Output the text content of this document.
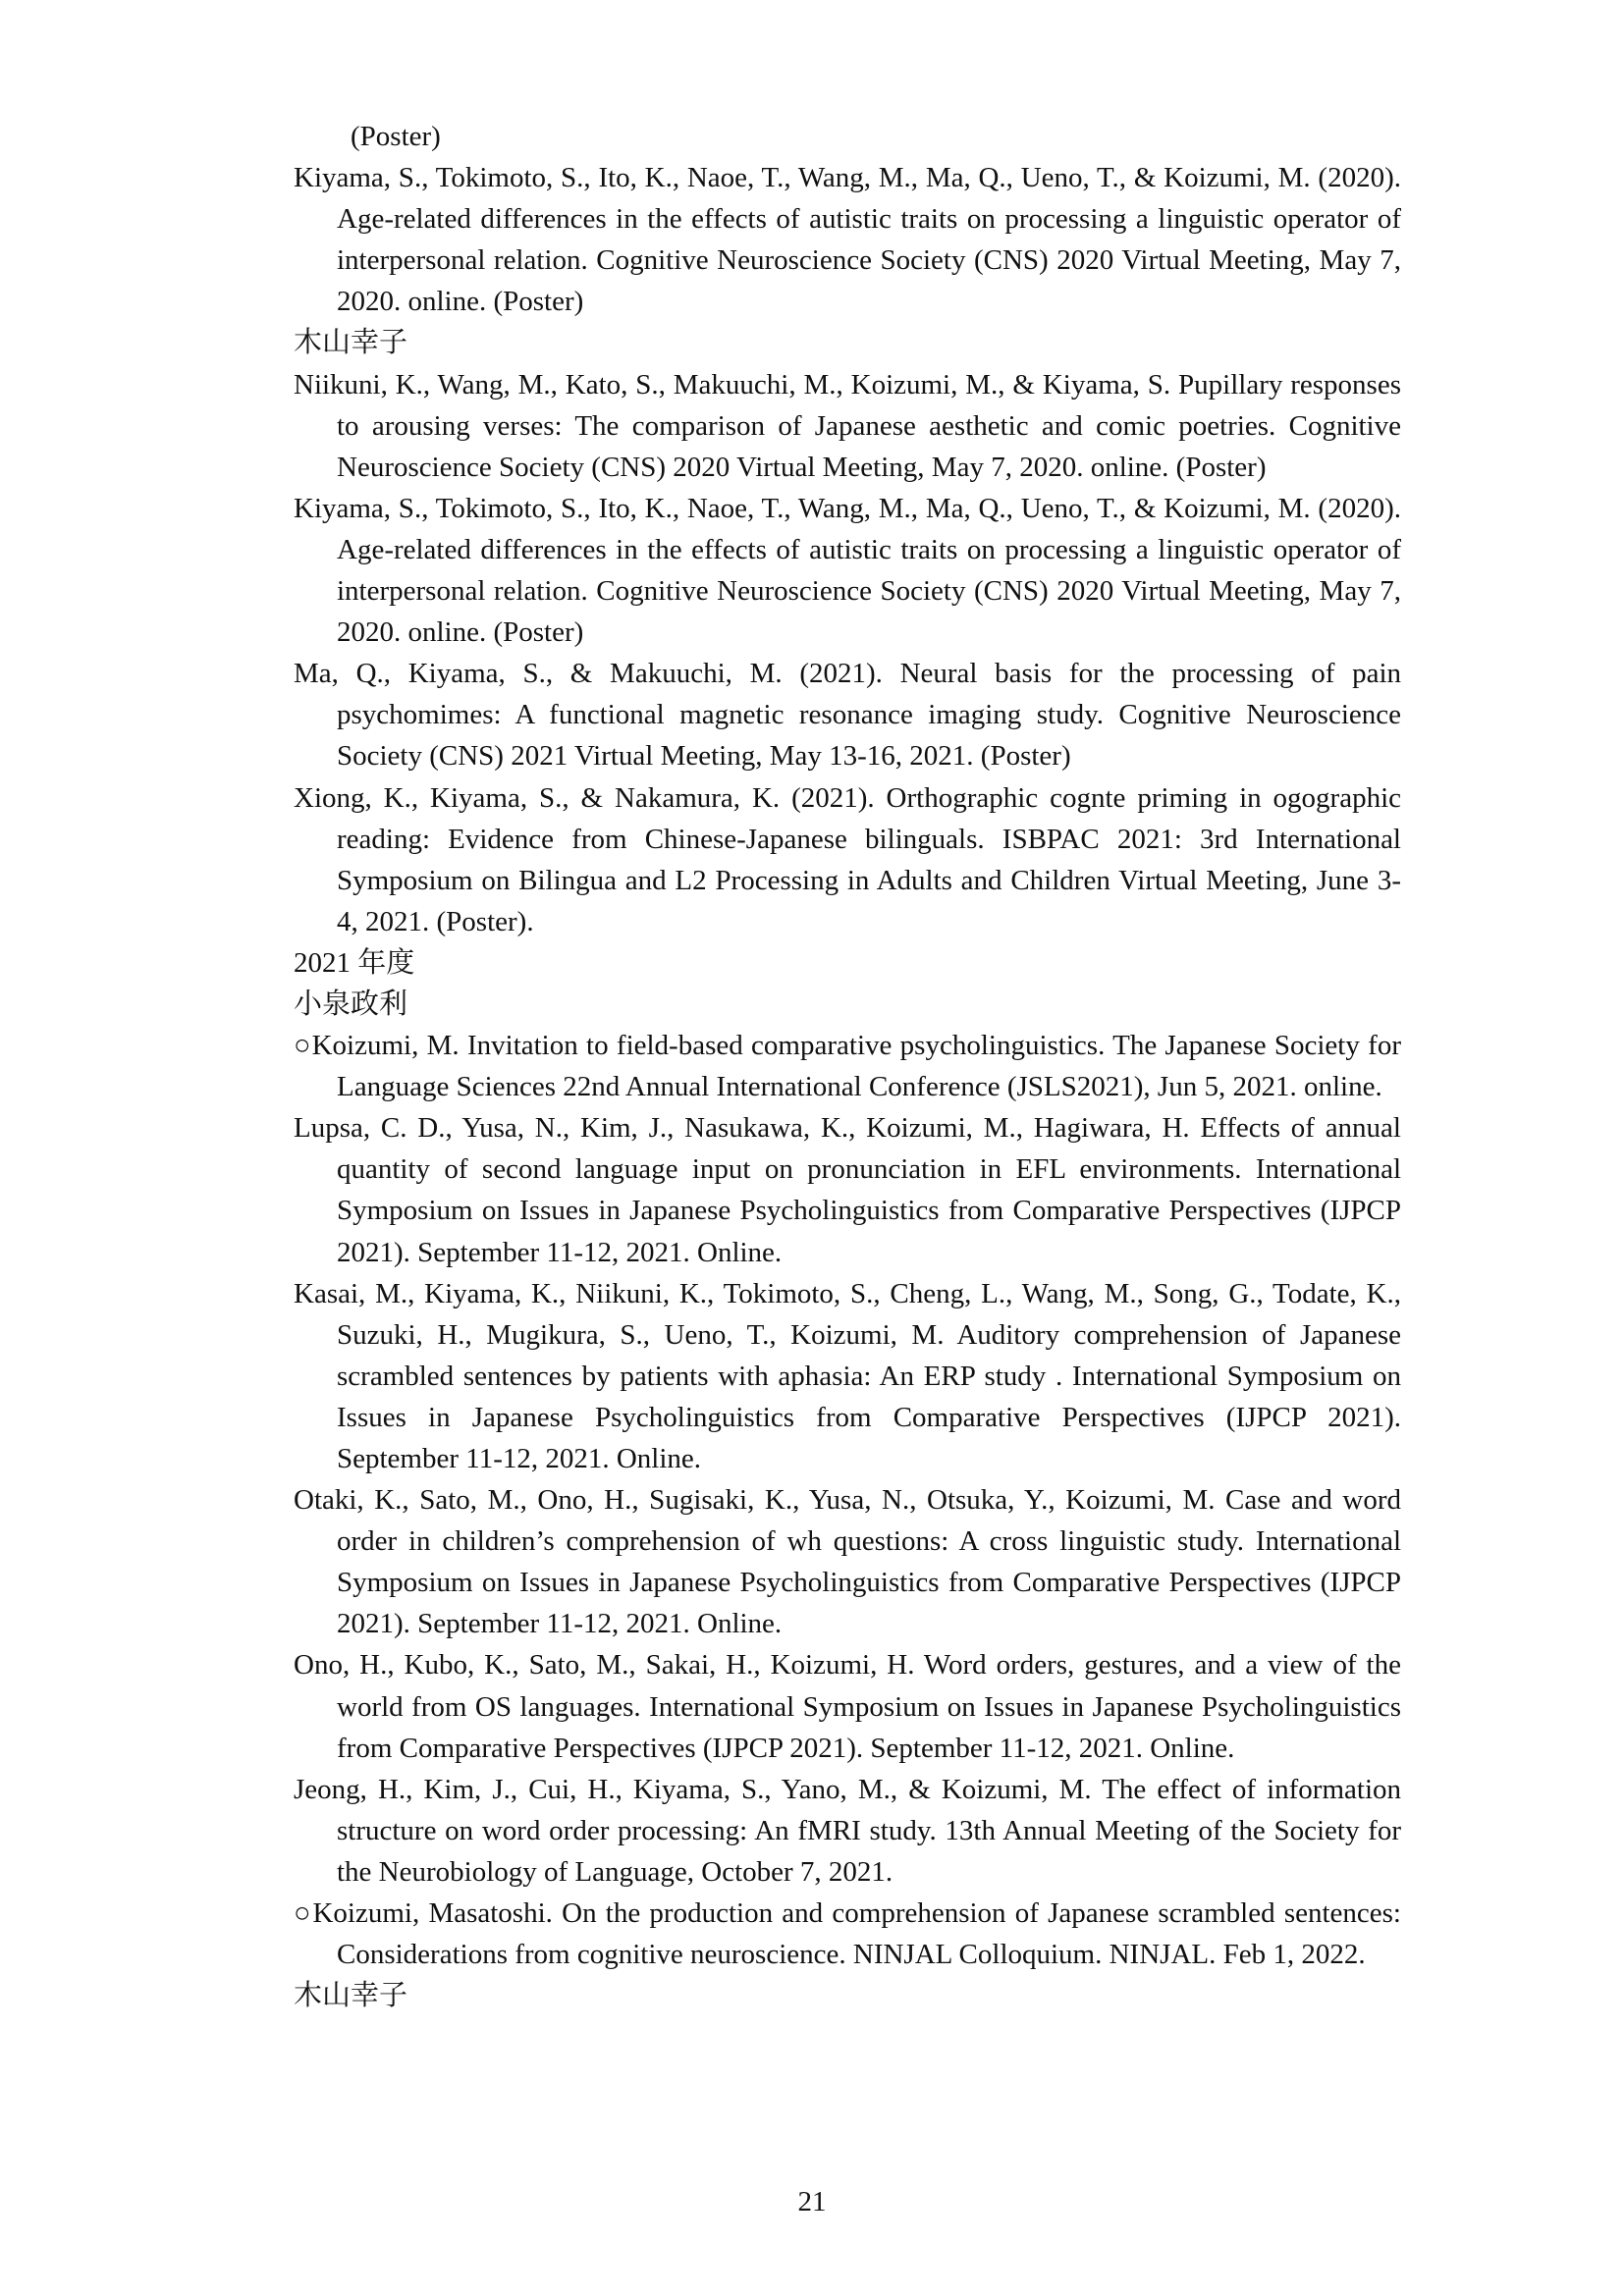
(Poster)

Kiyama, S., Tokimoto, S., Ito, K., Naoe, T., Wang, M., Ma, Q., Ueno, T., & Koizumi, M. (2020). Age-related differences in the effects of autistic traits on processing a linguistic operator of interpersonal relation. Cognitive Neuroscience Society (CNS) 2020 Virtual Meeting, May 7, 2020. online. (Poster)

木山幸子

Niikuni, K., Wang, M., Kato, S., Makuuchi, M., Koizumi, M., & Kiyama, S. Pupillary responses to arousing verses: The comparison of Japanese aesthetic and comic poetries. Cognitive Neuroscience Society (CNS) 2020 Virtual Meeting, May 7, 2020. online. (Poster)

Kiyama, S., Tokimoto, S., Ito, K., Naoe, T., Wang, M., Ma, Q., Ueno, T., & Koizumi, M. (2020). Age-related differences in the effects of autistic traits on processing a linguistic operator of interpersonal relation. Cognitive Neuroscience Society (CNS) 2020 Virtual Meeting, May 7, 2020. online. (Poster)

Ma, Q., Kiyama, S., & Makuuchi, M. (2021). Neural basis for the processing of pain psychomimes: A functional magnetic resonance imaging study. Cognitive Neuroscience Society (CNS) 2021 Virtual Meeting, May 13-16, 2021. (Poster)

Xiong, K., Kiyama, S., & Nakamura, K. (2021). Orthographic cognte priming in ogographic reading: Evidence from Chinese-Japanese bilinguals. ISBPAC 2021: 3rd International Symposium on Bilingua and L2 Processing in Adults and Children Virtual Meeting, June 3-4, 2021. (Poster).

2021 年度

小泉政利

○Koizumi, M. Invitation to field-based comparative psycholinguistics. The Japanese Society for Language Sciences 22nd Annual International Conference (JSLS2021), Jun 5, 2021. online.

Lupsa, C. D., Yusa, N., Kim, J., Nasukawa, K., Koizumi, M., Hagiwara, H. Effects of annual quantity of second language input on pronunciation in EFL environments. International Symposium on Issues in Japanese Psycholinguistics from Comparative Perspectives (IJPCP 2021). September 11-12, 2021. Online.

Kasai, M., Kiyama, K., Niikuni, K., Tokimoto, S., Cheng, L., Wang, M., Song, G., Todate, K., Suzuki, H., Mugikura, S., Ueno, T., Koizumi, M. Auditory comprehension of Japanese scrambled sentences by patients with aphasia: An ERP study . International Symposium on Issues in Japanese Psycholinguistics from Comparative Perspectives (IJPCP 2021). September 11-12, 2021. Online.

Otaki, K., Sato, M., Ono, H., Sugisaki, K., Yusa, N., Otsuka, Y., Koizumi, M. Case and word order in children’s comprehension of wh questions: A cross linguistic study. International Symposium on Issues in Japanese Psycholinguistics from Comparative Perspectives (IJPCP 2021). September 11-12, 2021. Online.

Ono, H., Kubo, K., Sato, M., Sakai, H., Koizumi, H. Word orders, gestures, and a view of the world from OS languages. International Symposium on Issues in Japanese Psycholinguistics from Comparative Perspectives (IJPCP 2021). September 11-12, 2021. Online.

Jeong, H., Kim, J., Cui, H., Kiyama, S., Yano, M., & Koizumi, M. The effect of information structure on word order processing: An fMRI study. 13th Annual Meeting of the Society for the Neurobiology of Language, October 7, 2021.

○Koizumi, Masatoshi. On the production and comprehension of Japanese scrambled sentences: Considerations from cognitive neuroscience. NINJAL Colloquium. NINJAL. Feb 1, 2022.

木山幸子

21
